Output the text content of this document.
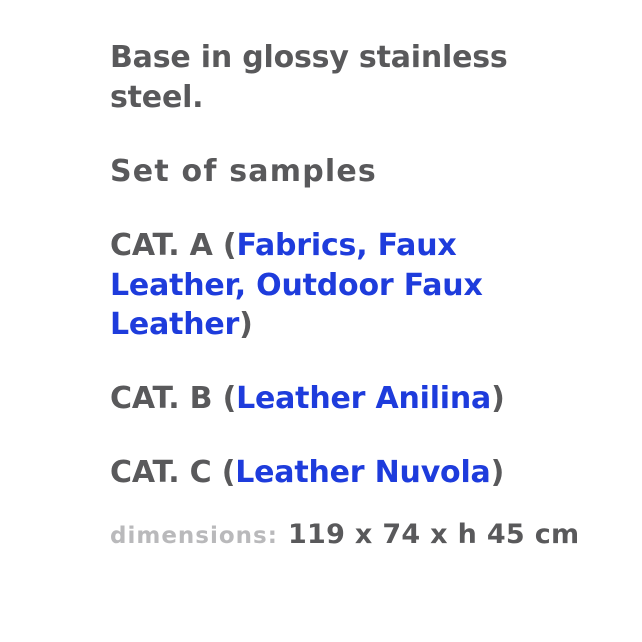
Base in glossy stainless steel.

Set of samples

CAT. A (Fabrics, Faux Leather, Outdoor Faux Leather)

CAT. B (Leather Anilina)

CAT. C (Leather Nuvola)

dimensions: 119 x 74 x h 45 cm
